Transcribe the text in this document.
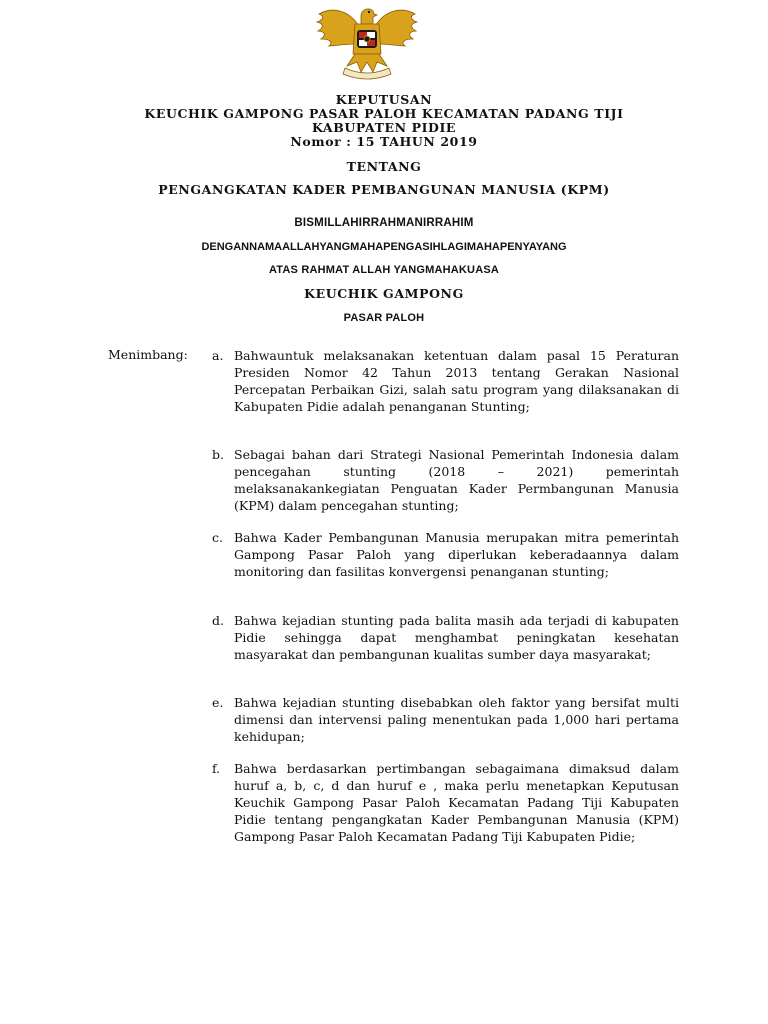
KEPUTUSAN
KEUCHIK GAMPONG PASAR PALOH KECAMATAN PADANG TIJI
KABUPATEN PIDIE
Nomor : 15 TAHUN 2019
TENTANG
PENGANGKATAN KADER PEMBANGUNAN MANUSIA (KPM)
BISMILLAHIRRAHMANIRRAHIM
DENGANNAMAALLAHYANGMAHAPENGASIHLAGIMAHAPENYAYANG
ATAS RAHMAT ALLAH YANGMAHAKUASA
KEUCHIK GAMPONG
PASAR PALOH
Menimbang: a. Bahwauntuk melaksanakan ketentuan dalam pasal 15 Peraturan Presiden Nomor 42 Tahun 2013 tentang Gerakan Nasional Percepatan Perbaikan Gizi, salah satu program yang dilaksanakan di Kabupaten Pidie adalah penanganan Stunting;
b. Sebagai bahan dari Strategi Nasional Pemerintah Indonesia dalam pencegahan stunting (2018 – 2021) pemerintah melaksanakankegiatan Penguatan Kader Permbangunan Manusia (KPM) dalam pencegahan stunting;
c. Bahwa Kader Pembangunan Manusia merupakan mitra pemerintah Gampong Pasar Paloh yang diperlukan keberadaannya dalam monitoring dan fasilitas konvergensi penanganan stunting;
d. Bahwa kejadian stunting pada balita masih ada terjadi di kabupaten Pidie sehingga dapat menghambat peningkatan kesehatan masyarakat dan pembangunan kualitas sumber daya masyarakat;
e. Bahwa kejadian stunting disebabkan oleh faktor yang bersifat multi dimensi dan intervensi paling menentukan pada 1,000 hari pertama kehidupan;
f. Bahwa berdasarkan pertimbangan sebagaimana dimaksud dalam huruf a, b, c, d dan huruf e , maka perlu menetapkan Keputusan Keuchik Gampong Pasar Paloh Kecamatan Padang Tiji Kabupaten Pidie tentang pengangkatan Kader Pembangunan Manusia (KPM) Gampong Pasar Paloh Kecamatan Padang Tiji Kabupaten Pidie;
